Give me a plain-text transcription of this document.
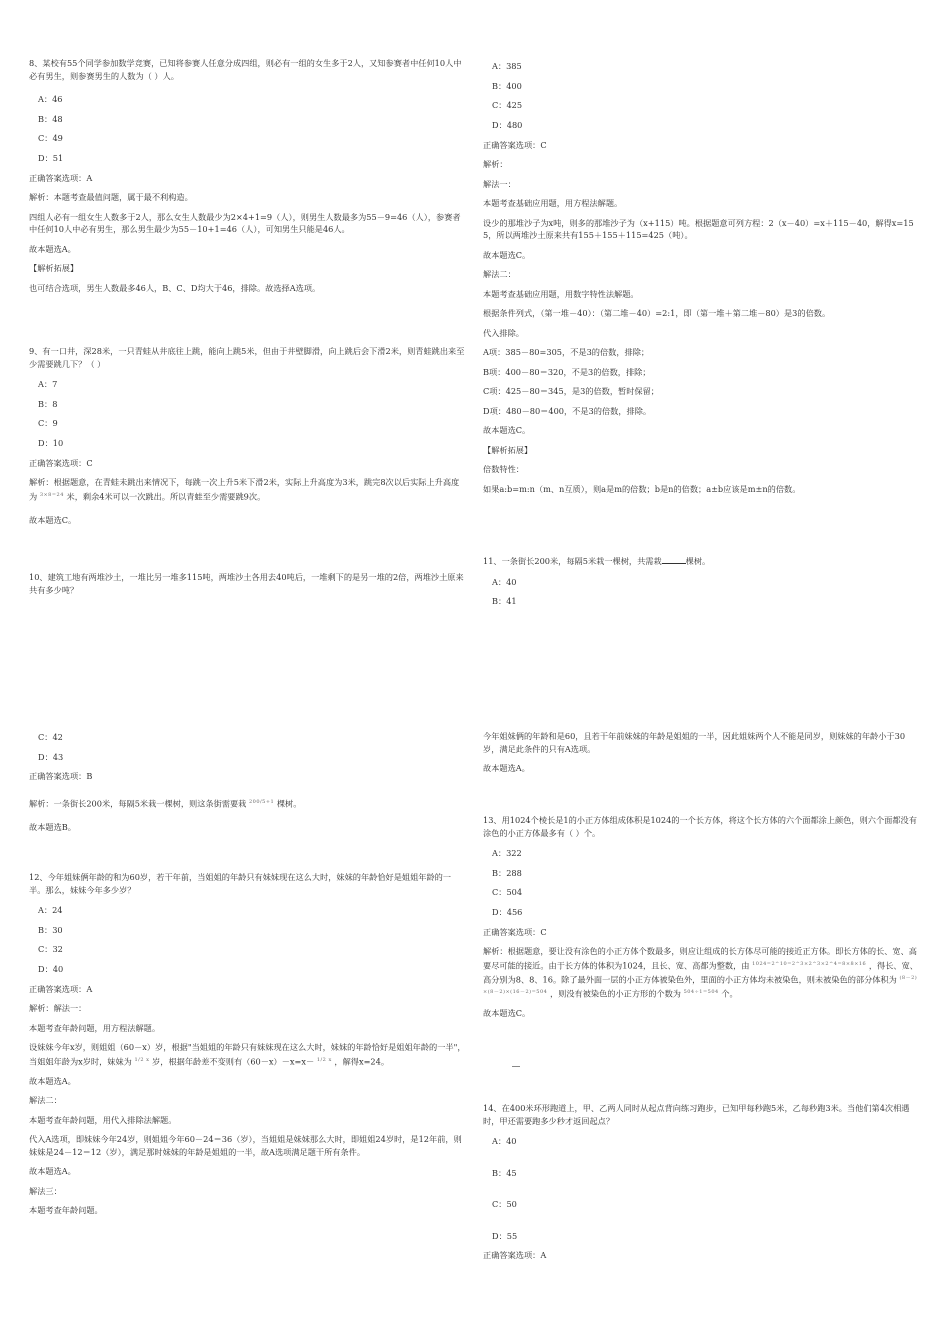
8、某校有55个同学参加数学竞赛，已知将参赛人任意分成四组，则必有一组的女生多于2人，又知参赛者中任何10人中必有男生，则参赛男生的人数为（ ）人。

A：46

B：48

C：49

D：51

正确答案选项：A

解析：本题考查最值问题，属于最不利构造。

四组人必有一组女生人数多于2人，那么女生人数最少为2×4+1=9（人），则男生人数最多为55－9=46（人），参赛者中任何10人中必有男生，那么男生最少为55－10+1=46（人），可知男生只能是46人。

故本题选A。

【解析拓展】

也可结合选项，男生人数最多46人，B、C、D均大于46，排除。故选择A选项。

9、有一口井，深28米，一只青蛙从井底往上跳，能向上跳5米，但由于井壁脚滑，向上跳后会下滑2米，则青蛙跳出来至少需要跳几下？（ ）

A：7

B：8

C：9

D：10

正确答案选项：C

解析：根据题意，在青蛙未跳出来情况下，每跳一次上升5米下滑2米，实际上升高度为3米，跳完8次以后实际上升高度为 $^{3\times 8=24}$ 米，剩余4米可以一次跳出。所以青蛙至少需要跳9次。

故本题选C。

10、建筑工地有两堆沙土，一堆比另一堆多115吨，两堆沙土各用去40吨后，一堆剩下的是另一堆的2倍，两堆沙土原来共有多少吨？

A：385

B：400

C：425

D：480

正确答案选项：C

解析：

解法一：

本题考查基础应用题，用方程法解题。

设少的那堆沙子为x吨，则多的那堆沙子为（x+115）吨。根据题意可列方程：2（x－40）=x＋115－40，解得x=155，所以两堆沙土原来共有155＋155＋115=425（吨）。

故本题选C。

解法二：

本题考查基础应用题，用数字特性法解题。

根据条件列式，（第一堆－40）：（第二堆－40）=2:1，即（第一堆＋第二堆－80）是3的倍数。

代入排除。

A项：385－80=305，不是3的倍数，排除；

B项：400－80＝320，不是3的倍数，排除；

C项：425－80＝345，是3的倍数，暂时保留；

D项：480－80＝400，不是3的倍数，排除。

故本题选C。

【解析拓展】

倍数特性：

如果a:b=m:n（m、n互质），则a是m的倍数；b是n的倍数；a±b应该是m±n的倍数。

11、一条街长200米，每隔5米栽一棵树，共需栽	棵树。

A：40

B：41

C：42

D：43

正确答案选项：B

解析：一条街长200米，每隔5米栽一棵树，则这条街需要栽 $^{200/5+1}$ 棵树。

故本题选B。

12、今年姐妹俩年龄的和为60岁，若干年前，当姐姐的年龄只有妹妹现在这么大时，妹妹的年龄恰好是姐姐年龄的一半。那么，妹妹今年多少岁？

A：24

B：30

C：32

D：40

正确答案选项：A

解析：解法一：

本题考查年龄问题，用方程法解题。

设妹妹今年x岁，则姐姐（60－x）岁，根据"当姐姐的年龄只有妹妹现在这么大时，妹妹的年龄恰好是姐姐年龄的一半"，当姐姐年龄为x岁时，妹妹为 $^{1/2 x}$ 岁，根据年龄差不变则有（60－x）－x=x－ $^{1/2 x}$ ，解得x=24。

故本题选A。

解法二：

本题考查年龄问题，用代入排除法解题。

代入A选项，即妹妹今年24岁，则姐姐今年60－24＝36（岁），当姐姐是妹妹那么大时，即姐姐24岁时，是12年前，则妹妹是24－12＝12（岁），满足那时妹妹的年龄是姐姐的一半，故A选项满足题干所有条件。

故本题选A。

解法三：

本题考查年龄问题。

今年姐妹俩的年龄和是60，且若干年前妹妹的年龄是姐姐的一半，因此姐妹两个人不能是同岁，则妹妹的年龄小于30岁，满足此条件的只有A选项。

故本题选A。

13、用1024个棱长是1的小正方体组成体积是1024的一个长方体，将这个长方体的六个面都涂上颜色，则六个面都没有涂色的小正方体最多有（ ）个。

A：322

B：288

C：504

D：456

正确答案选项：C

解析：根据题意，要让没有涂色的小正方体个数最多，则应让组成的长方体尽可能的接近正方体。即长方体的长、宽、高要尽可能的接近。由于长方体的体积为1024，且长、宽、高都为整数，由 $^{1024=2\^{}10=2\^{}3\times 2\^{}3\times 2\^{}4=8\times 8\times 16}$ ，得长、宽、高分别为8、8、16。除了最外面一层的小正方体被染色外，里面的小正方体均未被染色，则未被染色的部分体积为 $^{(8-2)\times(8-2)\times(16-2)=504}$ ，则没有被染色的小正方形的个数为 $^{504\div 1=504}$ 个。

故本题选C。

14、在400米环形跑道上，甲、乙两人同时从起点背向练习跑步，已知甲每秒跑5米，乙每秒跑3米。当他们第4次相遇时，甲还需要跑多少秒才返回起点？

A：40

B：45

C：50

D：55

正确答案选项：A
